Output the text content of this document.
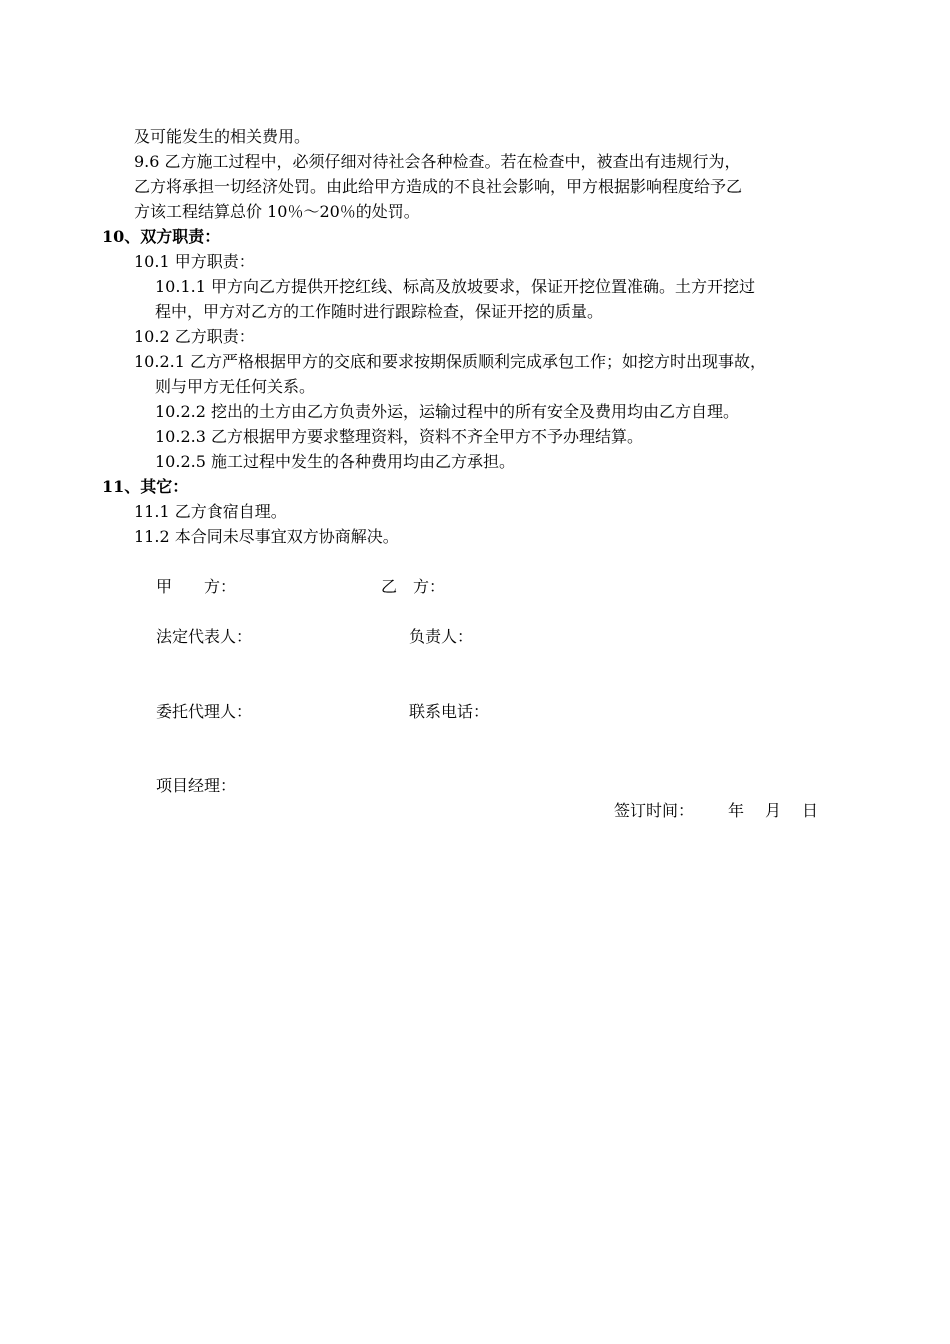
及可能发生的相关费用。
9.6 乙方施工过程中，必须仔细对待社会各种检查。若在检查中，被查出有违规行为，
乙方将承担一切经济处罚。由此给甲方造成的不良社会影响，甲方根据影响程度给予乙
方该工程结算总价 10％～20％的处罚。
10、双方职责：
10.1 甲方职责：
10.1.1 甲方向乙方提供开挖红线、标高及放坡要求，保证开挖位置准确。土方开挖过
程中，甲方对乙方的工作随时进行跟踪检查，保证开挖的质量。
10.2 乙方职责：
10.2.1 乙方严格根据甲方的交底和要求按期保质顺利完成承包工作；如挖方时出现事故，
则与甲方无任何关系。
10.2.2 挖出的土方由乙方负责外运，运输过程中的所有安全及费用均由乙方自理。
10.2.3 乙方根据甲方要求整理资料，资料不齐全甲方不予办理结算。
10.2.5 施工过程中发生的各种费用均由乙方承担。
11、其它：
11.1 乙方食宿自理。
11.2 本合同未尽事宜双方协商解决。
甲　　方：	乙　方：
法定代表人：	负责人：
委托代理人：	联系电话：
项目经理：
签订时间： 年 月 日
